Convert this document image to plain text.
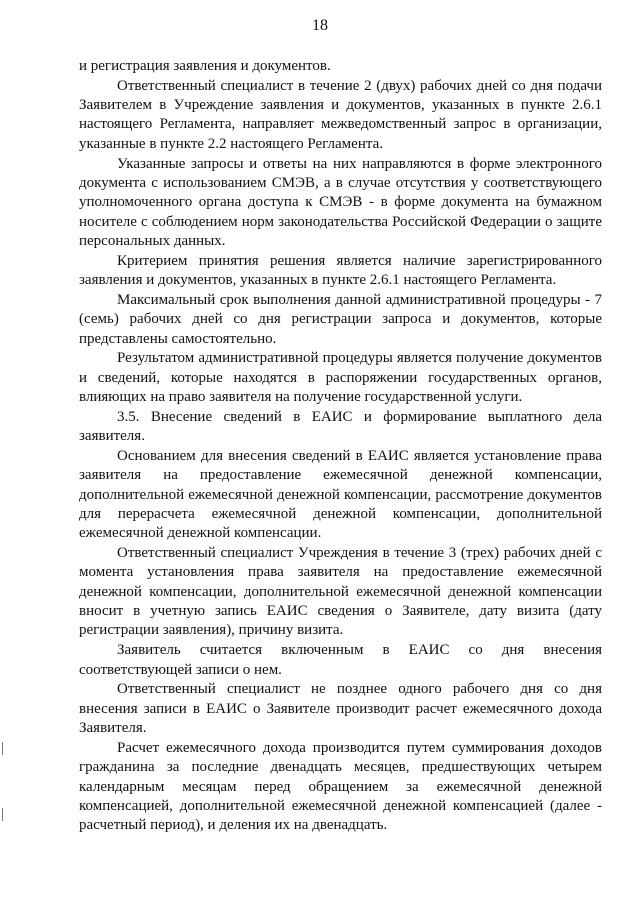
18

и регистрация заявления и документов.

Ответственный специалист в течение 2 (двух) рабочих дней со дня подачи Заявителем в Учреждение заявления и документов, указанных в пункте 2.6.1 настоящего Регламента, направляет межведомственный запрос в организации, указанные в пункте 2.2 настоящего Регламента.

Указанные запросы и ответы на них направляются в форме электронного документа с использованием СМЭВ, а в случае отсутствия у соответствующего уполномоченного органа доступа к СМЭВ - в форме документа на бумажном носителе с соблюдением норм законодательства Российской Федерации о защите персональных данных.

Критерием принятия решения является наличие зарегистрированного заявления и документов, указанных в пункте 2.6.1 настоящего Регламента.

Максимальный срок выполнения данной административной процедуры - 7 (семь) рабочих дней со дня регистрации запроса и документов, которые представлены самостоятельно.

Результатом административной процедуры является получение документов и сведений, которые находятся в распоряжении государственных органов, влияющих на право заявителя на получение государственной услуги.

3.5. Внесение сведений в ЕАИС и формирование выплатного дела заявителя.

Основанием для внесения сведений в ЕАИС является установление права заявителя на предоставление ежемесячной денежной компенсации, дополнительной ежемесячной денежной компенсации, рассмотрение документов для перерасчета ежемесячной денежной компенсации, дополнительной ежемесячной денежной компенсации.

Ответственный специалист Учреждения в течение 3 (трех) рабочих дней с момента установления права заявителя на предоставление ежемесячной денежной компенсации, дополнительной ежемесячной денежной компенсации вносит в учетную запись ЕАИС сведения о Заявителе, дату визита (дату регистрации заявления), причину визита.

Заявитель считается включенным в ЕАИС со дня внесения соответствующей записи о нем.

Ответственный специалист не позднее одного рабочего дня со дня внесения записи в ЕАИС о Заявителе производит расчет ежемесячного дохода Заявителя.

Расчет ежемесячного дохода производится путем суммирования доходов гражданина за последние двенадцать месяцев, предшествующих четырем календарным месяцам перед обращением за ежемесячной денежной компенсацией, дополнительной ежемесячной денежной компенсацией (далее - расчетный период), и деления их на двенадцать.
